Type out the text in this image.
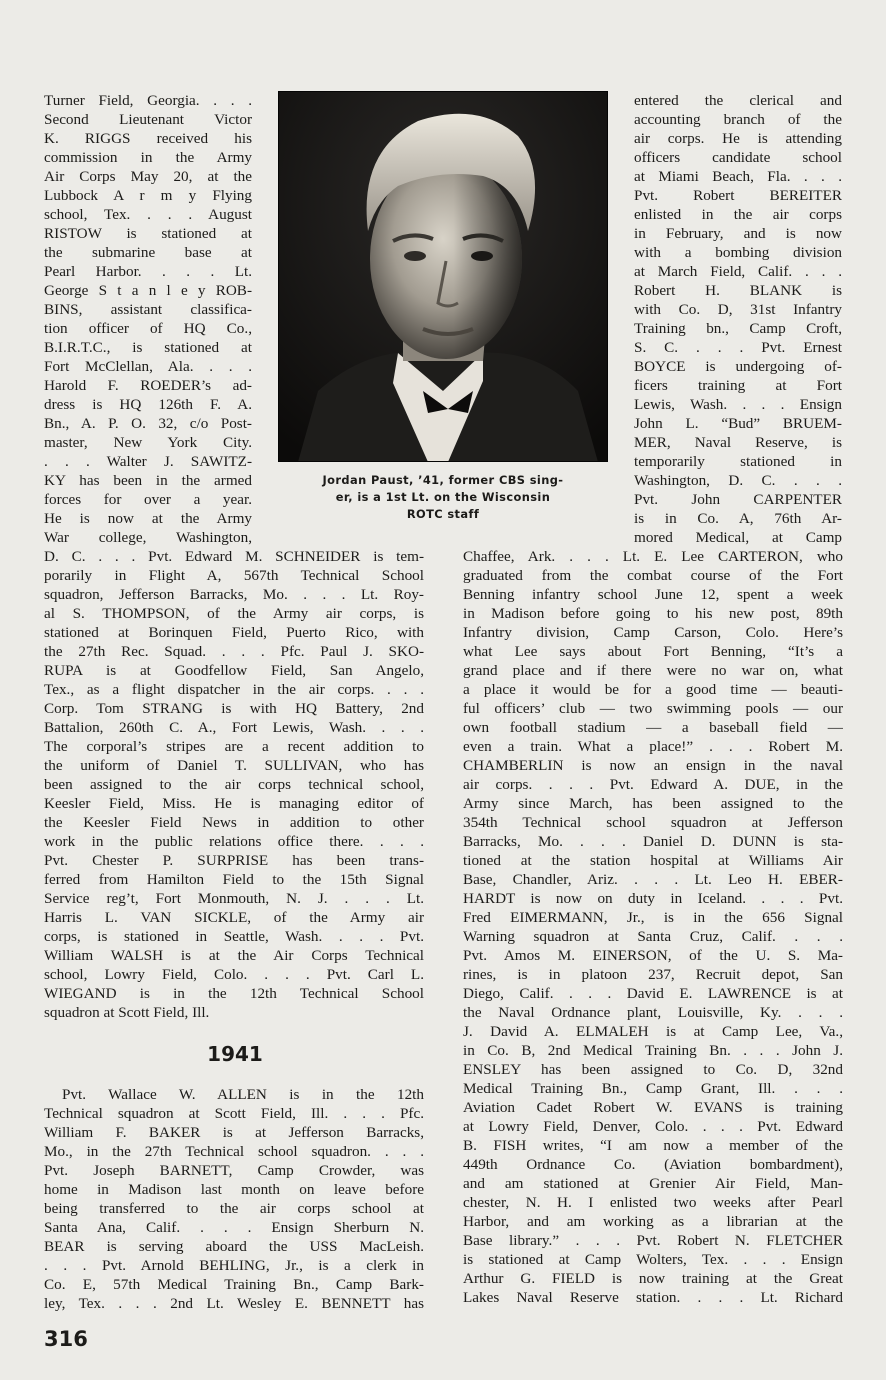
Turner Field, Georgia. . . .
Second Lieutenant Victor
K. RIGGS received his
commission in the Army
Air Corps May 20, at the
Lubbock A r m y Flying
school, Tex. . . . August
RISTOW is stationed at
the submarine base at
Pearl Harbor. . . . Lt.
George S t a n l e y ROB-
BINS, assistant classifica-
tion officer of HQ Co.,
B.I.R.T.C., is stationed at
Fort McClellan, Ala. . . .
Harold F. ROEDER’s ad-
dress is HQ 126th F. A.
Bn., A. P. O. 32, c/o Post-
master, New York City.
. . . Walter J. SAWITZ-
KY has been in the armed
forces for over a year.
He is now at the Army
War college, Washington,
D. C. . . . Pvt. Edward M. SCHNEIDER is tem-
porarily in Flight A, 567th Technical School
squadron, Jefferson Barracks, Mo. . . . Lt. Roy-
al S. THOMPSON, of the Army air corps, is
stationed at Borinquen Field, Puerto Rico, with
the 27th Rec. Squad. . . . Pfc. Paul J. SKO-
RUPA is at Goodfellow Field, San Angelo,
Tex., as a flight dispatcher in the air corps. . . .
Corp. Tom STRANG is with HQ Battery, 2nd
Battalion, 260th C. A., Fort Lewis, Wash. . . .
The corporal’s stripes are a recent addition to
the uniform of Daniel T. SULLIVAN, who has
been assigned to the air corps technical school,
Keesler Field, Miss. He is managing editor of
the Keesler Field News in addition to other
work in the public relations office there. . . .
Pvt. Chester P. SURPRISE has been trans-
ferred from Hamilton Field to the 15th Signal
Service reg’t, Fort Monmouth, N. J. . . . Lt.
Harris L. VAN SICKLE, of the Army air
corps, is stationed in Seattle, Wash. . . . Pvt.
William WALSH is at the Air Corps Technical
school, Lowry Field, Colo. . . . Pvt. Carl L.
WIEGAND is in the 12th Technical School
squadron at Scott Field, Ill.
1941
Pvt. Wallace W. ALLEN is in the 12th
Technical squadron at Scott Field, Ill. . . . Pfc.
William F. BAKER is at Jefferson Barracks,
Mo., in the 27th Technical school squadron. . . .
Pvt. Joseph BARNETT, Camp Crowder, was
home in Madison last month on leave before
being transferred to the air corps school at
Santa Ana, Calif. . . . Ensign Sherburn N.
BEAR is serving aboard the USS MacLeish.
. . . Pvt. Arnold BEHLING, Jr., is a clerk in
Co. E, 57th Medical Training Bn., Camp Bark-
ley, Tex. . . . 2nd Lt. Wesley E. BENNETT has
entered the clerical and
accounting branch of the
air corps. He is attending
officers candidate school
at Miami Beach, Fla. . . .
Pvt. Robert BEREITER
enlisted in the air corps
in February, and is now
with a bombing division
at March Field, Calif. . . .
Robert H. BLANK is
with Co. D, 31st Infantry
Training bn., Camp Croft,
S. C. . . . Pvt. Ernest
BOYCE is undergoing of-
ficers training at Fort
Lewis, Wash. . . . Ensign
John L. “Bud” BRUEM-
MER, Naval Reserve, is
temporarily stationed in
Washington, D. C. . . .
Pvt. John CARPENTER
is in Co. A, 76th Ar-
mored Medical, at Camp
Chaffee, Ark. . . . Lt. E. Lee CARTERON, who
graduated from the combat course of the Fort
Benning infantry school June 12, spent a week
in Madison before going to his new post, 89th
Infantry division, Camp Carson, Colo. Here’s
what Lee says about Fort Benning, “It’s a
grand place and if there were no war on, what
a place it would be for a good time — beauti-
ful officers’ club — two swimming pools — our
own football stadium — a baseball field —
even a train. What a place!” . . . Robert M.
CHAMBERLIN is now an ensign in the naval
air corps. . . . Pvt. Edward A. DUE, in the
Army since March, has been assigned to the
354th Technical school squadron at Jefferson
Barracks, Mo. . . . Daniel D. DUNN is sta-
tioned at the station hospital at Williams Air
Base, Chandler, Ariz. . . . Lt. Leo H. EBER-
HARDT is now on duty in Iceland. . . . Pvt.
Fred EIMERMANN, Jr., is in the 656 Signal
Warning squadron at Santa Cruz, Calif. . . .
Pvt. Amos M. EINERSON, of the U. S. Ma-
rines, is in platoon 237, Recruit depot, San
Diego, Calif. . . . David E. LAWRENCE is at
the Naval Ordnance plant, Louisville, Ky. . . .
J. David A. ELMALEH is at Camp Lee, Va.,
in Co. B, 2nd Medical Training Bn. . . . John J.
ENSLEY has been assigned to Co. D, 32nd
Medical Training Bn., Camp Grant, Ill. . . .
Aviation Cadet Robert W. EVANS is training
at Lowry Field, Denver, Colo. . . . Pvt. Edward
B. FISH writes, “I am now a member of the
449th Ordnance Co. (Aviation bombardment),
and am stationed at Grenier Air Field, Man-
chester, N. H. I enlisted two weeks after Pearl
Harbor, and am working as a librarian at the
Base library.” . . . Pvt. Robert N. FLETCHER
is stationed at Camp Wolters, Tex. . . . Ensign
Arthur G. FIELD is now training at the Great
Lakes Naval Reserve station. . . . Lt. Richard
Jordan Paust, ’41, former CBS sing-
er, is a 1st Lt. on the Wisconsin
ROTC staff
316
